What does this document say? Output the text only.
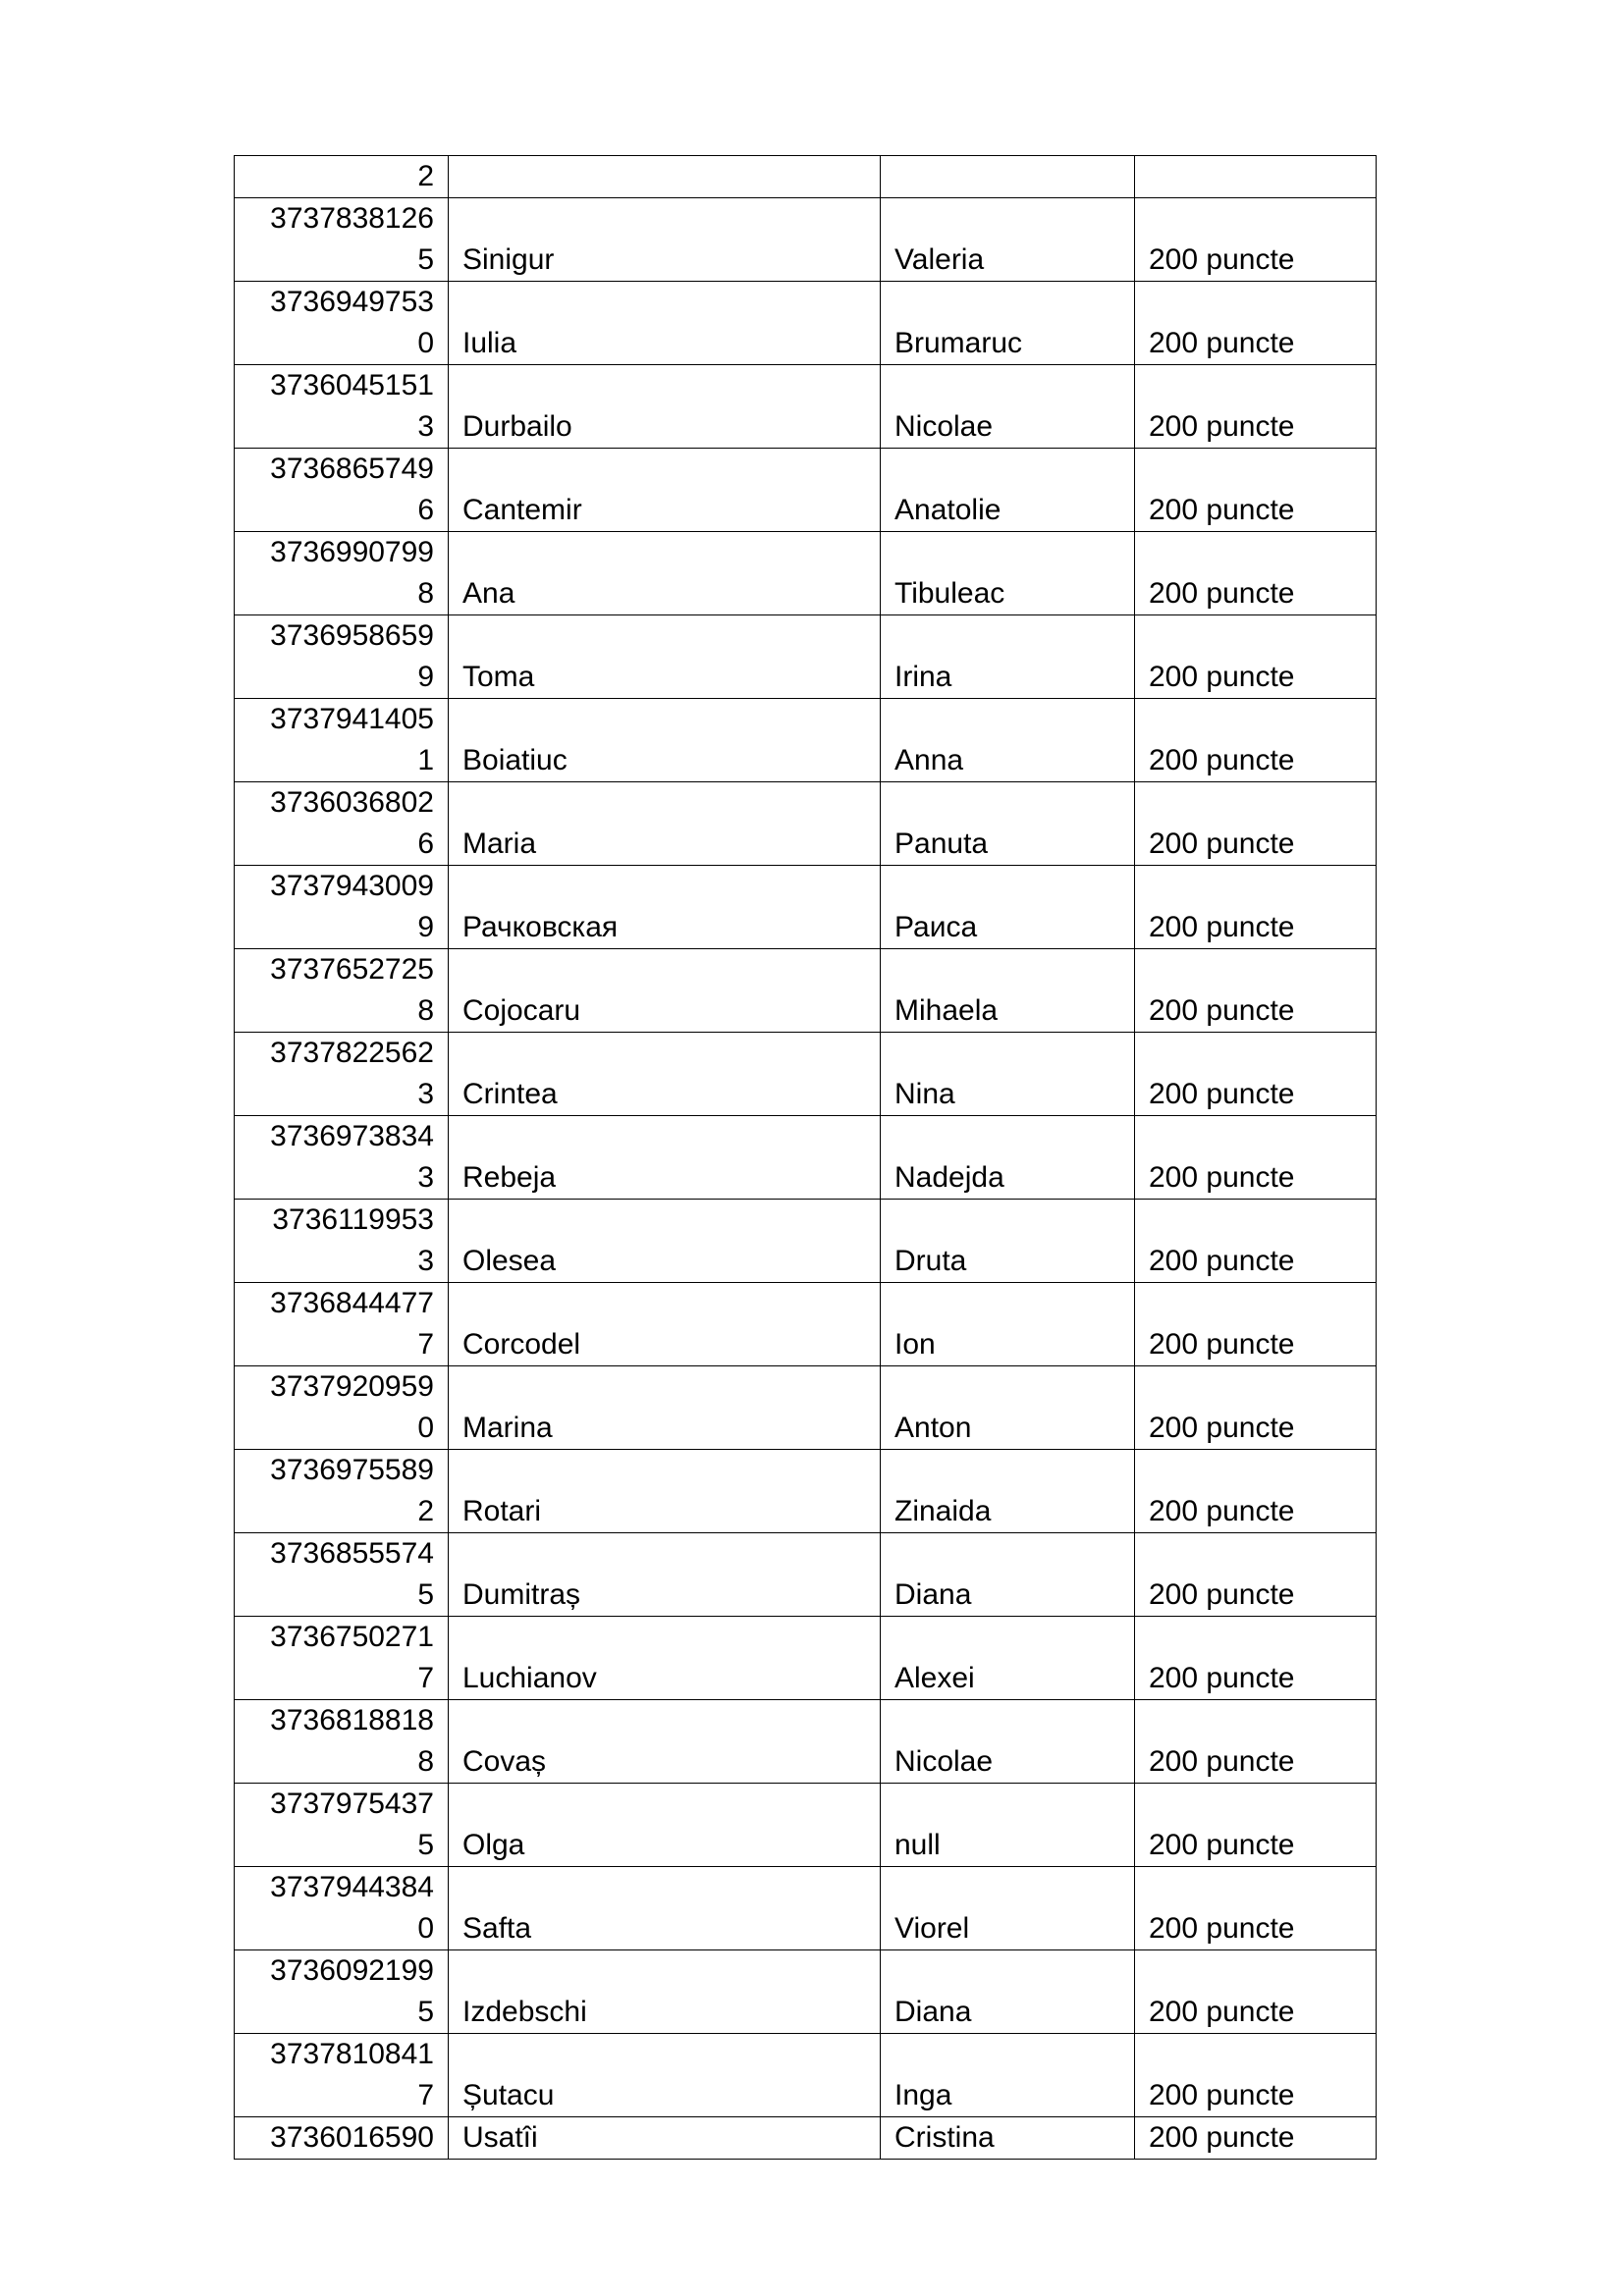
2			

3737838126
5	Sinigur	Valeria	200 puncte

3736949753
0	Iulia	Brumaruc	200 puncte

3736045151
3	Durbailo	Nicolae	200 puncte

3736865749
6	Cantemir	Anatolie	200 puncte

3736990799
8	Ana	Tibuleac	200 puncte

3736958659
9	Toma	Irina	200 puncte

3737941405
1	Boiatiuc	Anna	200 puncte

3736036802
6	Maria	Panuta	200 puncte

3737943009
9	Рачковская	Раиса	200 puncte

3737652725
8	Cojocaru	Mihaela	200 puncte

3737822562
3	Crintea	Nina	200 puncte

3736973834
3	Rebeja	Nadejda	200 puncte

3736119953
3	Olesea	Druta	200 puncte

3736844477
7	Corcodel	Ion	200 puncte

3737920959
0	Marina	Anton	200 puncte

3736975589
2	Rotari	Zinaida	200 puncte

3736855574
5	Dumitraș	Diana	200 puncte

3736750271
7	Luchianov	Alexei	200 puncte

3736818818
8	Covaș	Nicolae	200 puncte

3737975437
5	Olga	null	200 puncte

3737944384
0	Safta	Viorel	200 puncte

3736092199
5	Izdebschi	Diana	200 puncte

3737810841
7	Șutacu	Inga	200 puncte
3736016590	Usatîi	Cristina	200 puncte
